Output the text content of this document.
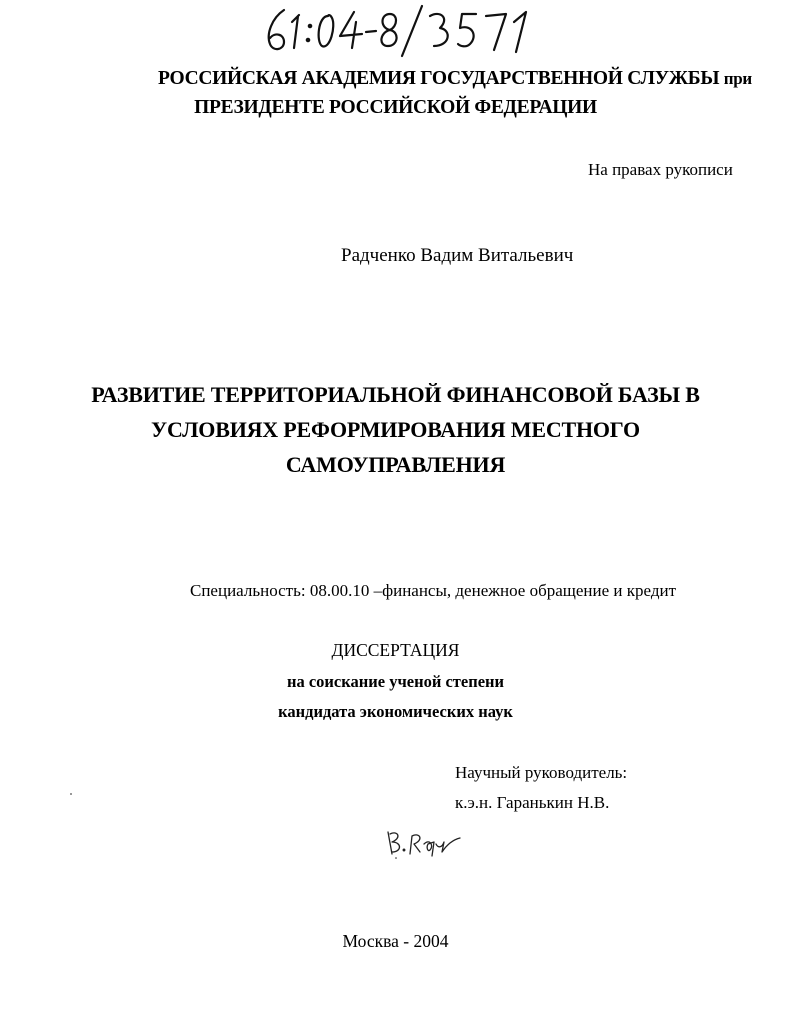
РОССИЙСКАЯ АКАДЕМИЯ ГОСУДАРСТВЕННОЙ СЛУЖБЫ при
ПРЕЗИДЕНТЕ РОССИЙСКОЙ ФЕДЕРАЦИИ
На правах рукописи
Радченко Вадим Витальевич
РАЗВИТИЕ ТЕРРИТОРИАЛЬНОЙ ФИНАНСОВОЙ БАЗЫ В
УСЛОВИЯХ РЕФОРМИРОВАНИЯ МЕСТНОГО
САМОУПРАВЛЕНИЯ
Специальность: 08.00.10 –финансы, денежное обращение и кредит
ДИССЕРТАЦИЯ
на соискание ученой степени
кандидата экономических наук
Научный руководитель:
к.э.н. Гаранькин Н.В.
Москва - 2004
